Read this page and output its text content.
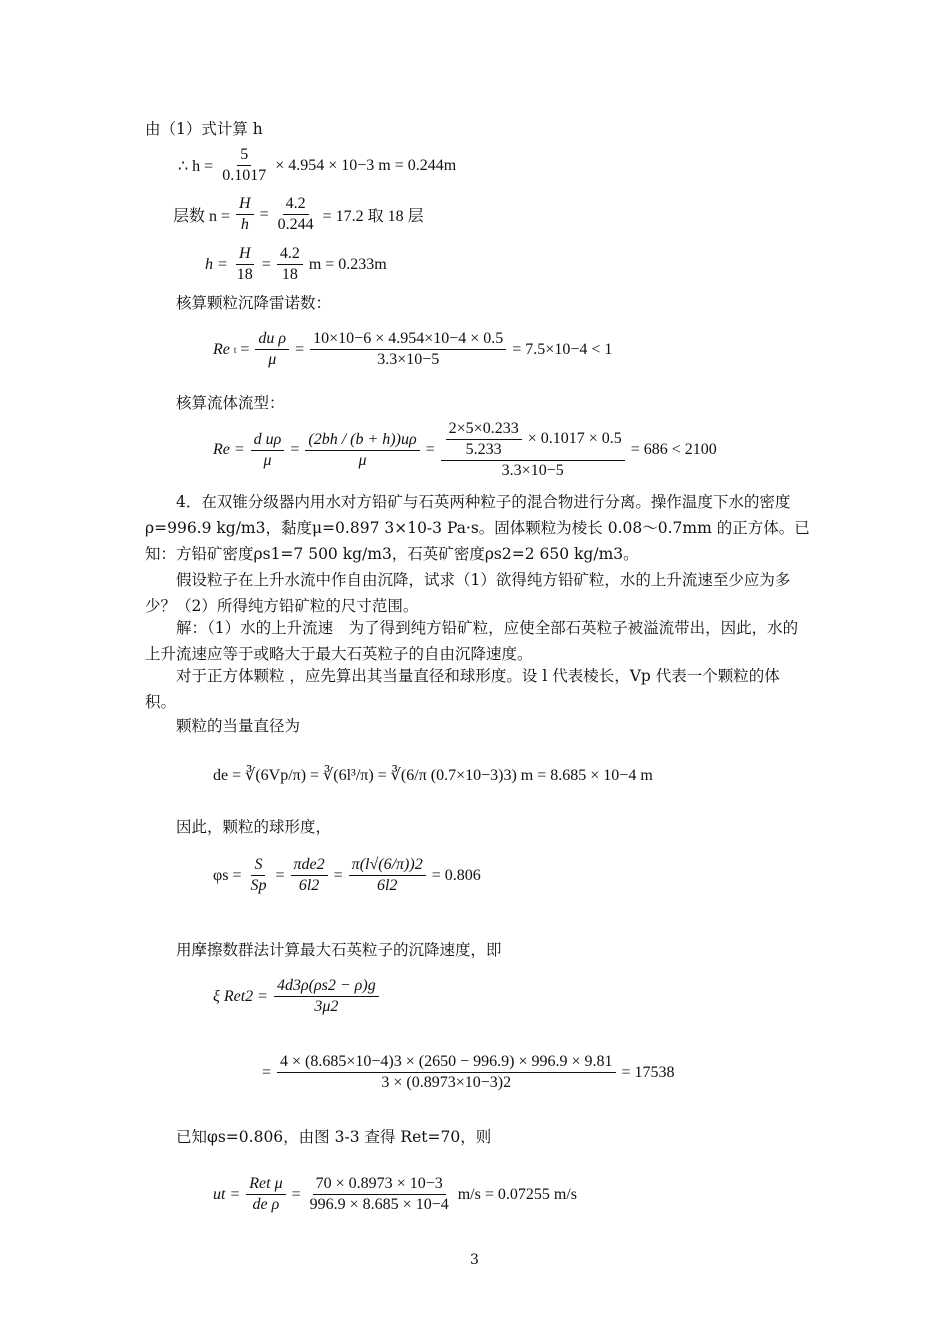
由（1）式计算 h
∴ $h = \frac{5}{0.1017} \times 4.954 \times 10-3$ m = 0.244m
层数 $n = \frac{H}{h} = \frac{4.2}{0.244} = 17.2$ 取 18 层
$h = \frac{H}{18} = \frac{4.2}{18}$ m = 0.233m
核算颗粒沉降雷诺数：
Re $t = \frac{\text{du ρ}}{\mu} = \frac{10\times 10-6 \times 4.954\times 10-4 \times 0.5}{3.3\times 10-5} = 7.5\times 10-4 < 1$
核算流体流型：
$Re = \frac{\text{d uρ}}{\mu} = \frac{(2bh / (b + h))u\rho}{\mu} = \frac{\frac{2\times 5\times 0.233}{5.233} \times 0.1017 \times 0.5}{3.3\times 10-5} = 686 < 2100$
4．在双锥分级器内用水对方铅矿与石英两种粒子的混合物进行分离。操作温度下水的密度ρ=996.9 kg/m3，黏度μ=0.897 3×10-3 Pa·s。固体颗粒为棱长 0.08～0.7mm 的正方体。已知：方铅矿密度ρs1=7 500 kg/m3，石英矿密度ρs2=2 650 kg/m3。
假设粒子在上升水流中作自由沉降，试求（1）欲得纯方铅矿粒，水的上升流速至少应为多少？（2）所得纯方铅矿粒的尺寸范围。
解：（1）水的上升流速　为了得到纯方铅矿粒，应使全部石英粒子被溢流带出，因此，水的上升流速应等于或略大于最大石英粒子的自由沉降速度。
对于正方体颗粒 ，应先算出其当量直径和球形度。设 l 代表棱长，Vp 代表一个颗粒的体积。
颗粒的当量直径为
de = ∛(6Vp/π) = ∛(6l³/π) = ∛(6/π (0.7×10−3)3) m = 8.685 × 10−4 m
因此，颗粒的球形度，
$\varphi s = \frac{S}{Sp} = \frac{\text{πde2}}{6l2} = \frac{\pi(l√(6/\pi))2}{6l2} = 0.806$
用摩擦数群法计算最大石英粒子的沉降速度，即
ξ $Ret2 = \frac{4d3\rho(\rho s2 - \rho)g}{3\mu 2}$
= $\frac{4 \times (8.685\times 10-4)3 \times (2650 - 996.9) \times 996.9 \times 9.81}{3 \times (0.8973\times 10-3)2} = 17538$
已知φs=0.806，由图 3-3 查得 Ret=70，则
ut = $\frac{\text{Ret μ}}{\text{de ρ}} = \frac{70 \times 0.8973 \times 10-3}{996.9 \times 8.685 \times 10-4} m/s = 0.07255$ m/s
3
